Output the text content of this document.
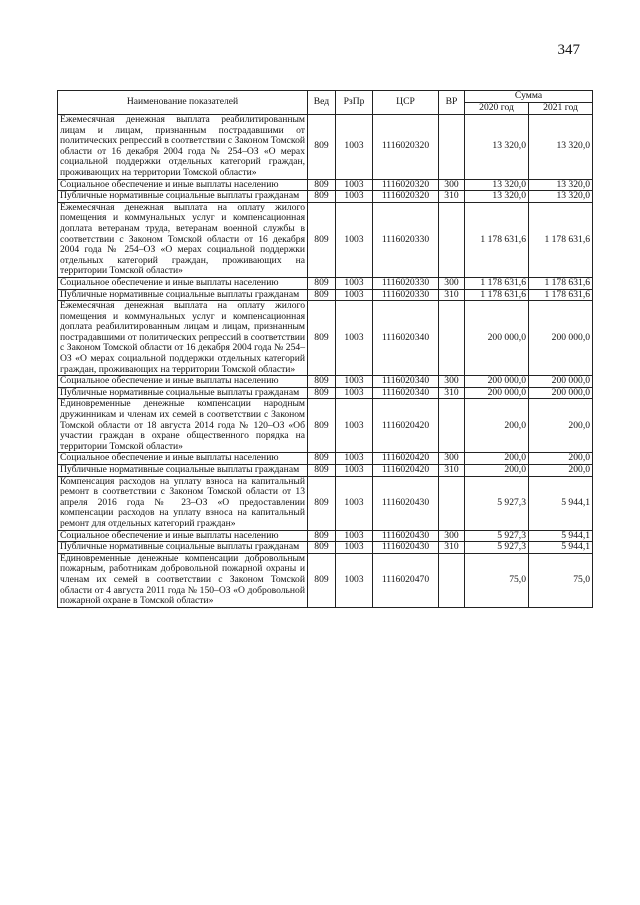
347
Наименование показателей	Вед	РзПр	ЦСР	ВР	Сумма	
					2020 год	2021 год
Ежемесячная денежная выплата реабилитированным лицам и лицам, признанным пострадавшими от политических репрессий в соответствии с Законом Томской области от 16 декабря 2004 года № 254–ОЗ «О мерах социальной поддержки отдельных категорий граждан, проживающих на территории Томской области»	809	1003	1116020320		13 320,0	13 320,0
Социальное обеспечение и иные выплаты населению	809	1003	1116020320	300	13 320,0	13 320,0
Публичные нормативные социальные выплаты гражданам	809	1003	1116020320	310	13 320,0	13 320,0
Ежемесячная денежная выплата на оплату жилого помещения и коммунальных услуг и компенсационная доплата ветеранам труда, ветеранам военной службы в соответствии с Законом Томской области от 16 декабря 2004 года № 254–ОЗ «О мерах социальной поддержки отдельных категорий граждан, проживающих на территории Томской области»	809	1003	1116020330		1 178 631,6	1 178 631,6
Социальное обеспечение и иные выплаты населению	809	1003	1116020330	300	1 178 631,6	1 178 631,6
Публичные нормативные социальные выплаты гражданам	809	1003	1116020330	310	1 178 631,6	1 178 631,6
Ежемесячная денежная выплата на оплату жилого помещения и коммунальных услуг и компенсационная доплата реабилитированным лицам и лицам, признанным пострадавшими от политических репрессий в соответствии с Законом Томской области от 16 декабря 2004 года № 254–ОЗ «О мерах социальной поддержки отдельных категорий граждан, проживающих на территории Томской области»	809	1003	1116020340		200 000,0	200 000,0
Социальное обеспечение и иные выплаты населению	809	1003	1116020340	300	200 000,0	200 000,0
Публичные нормативные социальные выплаты гражданам	809	1003	1116020340	310	200 000,0	200 000,0
Единовременные денежные компенсации народным дружинникам и членам их семей в соответствии с Законом Томской области от 18 августа 2014 года № 120–ОЗ «Об участии граждан в охране общественного порядка на территории Томской области»	809	1003	1116020420		200,0	200,0
Социальное обеспечение и иные выплаты населению	809	1003	1116020420	300	200,0	200,0
Публичные нормативные социальные выплаты гражданам	809	1003	1116020420	310	200,0	200,0
Компенсация расходов на уплату взноса на капитальный ремонт в соответствии с Законом Томской области от 13 апреля 2016 года № 23–ОЗ «О предоставлении компенсации расходов на уплату взноса на капитальный ремонт для отдельных категорий граждан»	809	1003	1116020430		5 927,3	5 944,1
Социальное обеспечение и иные выплаты населению	809	1003	1116020430	300	5 927,3	5 944,1
Публичные нормативные социальные выплаты гражданам	809	1003	1116020430	310	5 927,3	5 944,1
Единовременные денежные компенсации добровольным пожарным, работникам добровольной пожарной охраны и членам их семей в соответствии с Законом Томской области от 4 августа 2011 года № 150–ОЗ «О добровольной пожарной охране в Томской области»	809	1003	1116020470		75,0	75,0
